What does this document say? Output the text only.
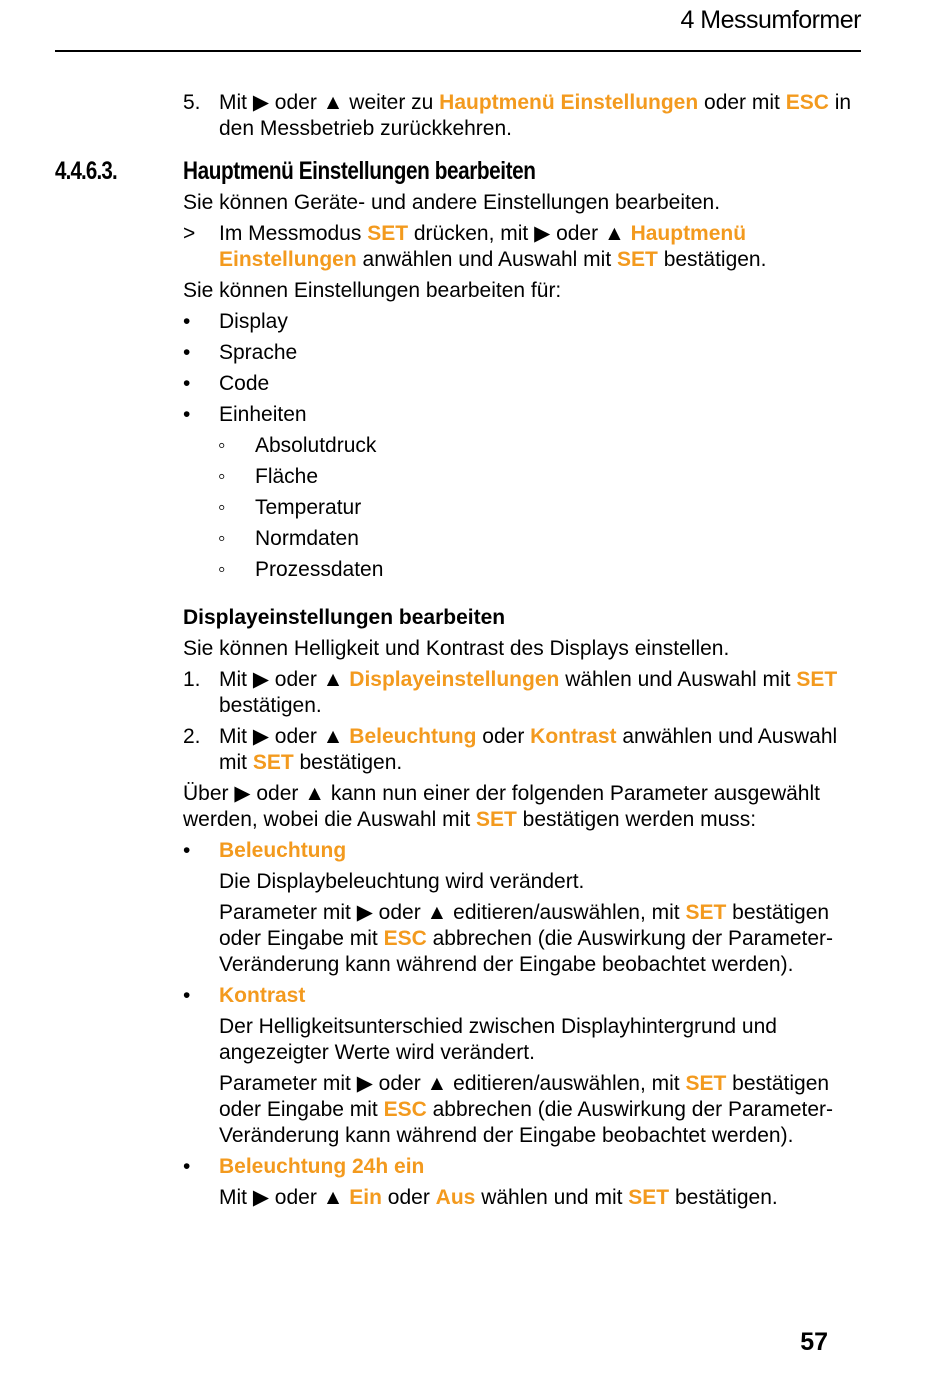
4 Messumformer
5. Mit ▶ oder ▲ weiter zu Hauptmenü Einstellungen oder mit ESC in den Messbetrieb zurückkehren.
4.4.6.3.	Hauptmenü Einstellungen bearbeiten
Sie können Geräte- und andere Einstellungen bearbeiten.
> Im Messmodus SET drücken, mit ▶ oder ▲ Hauptmenü Einstellungen anwählen und Auswahl mit SET bestätigen.
Sie können Einstellungen bearbeiten für:
• Display
• Sprache
• Code
• Einheiten
◦ Absolutdruck
◦ Fläche
◦ Temperatur
◦ Normdaten
◦ Prozessdaten
Displayeinstellungen bearbeiten
Sie können Helligkeit und Kontrast des Displays einstellen.
1. Mit ▶ oder ▲ Displayeinstellungen wählen und Auswahl mit SET bestätigen.
2. Mit ▶ oder ▲ Beleuchtung oder Kontrast anwählen und Auswahl mit SET bestätigen.
Über ▶ oder ▲ kann nun einer der folgenden Parameter ausgewählt werden, wobei die Auswahl mit SET bestätigen werden muss:
• Beleuchtung
Die Displaybeleuchtung wird verändert.
Parameter mit ▶ oder ▲ editieren/auswählen, mit SET bestätigen oder Eingabe mit ESC abbrechen (die Auswirkung der Parameter-Veränderung kann während der Eingabe beobachtet werden).
• Kontrast
Der Helligkeitsunterschied zwischen Displayhintergrund und angezeigter Werte wird verändert.
Parameter mit ▶ oder ▲ editieren/auswählen, mit SET bestätigen oder Eingabe mit ESC abbrechen (die Auswirkung der Parameter-Veränderung kann während der Eingabe beobachtet werden).
• Beleuchtung 24h ein
Mit ▶ oder ▲ Ein oder Aus wählen und mit SET bestätigen.
57
